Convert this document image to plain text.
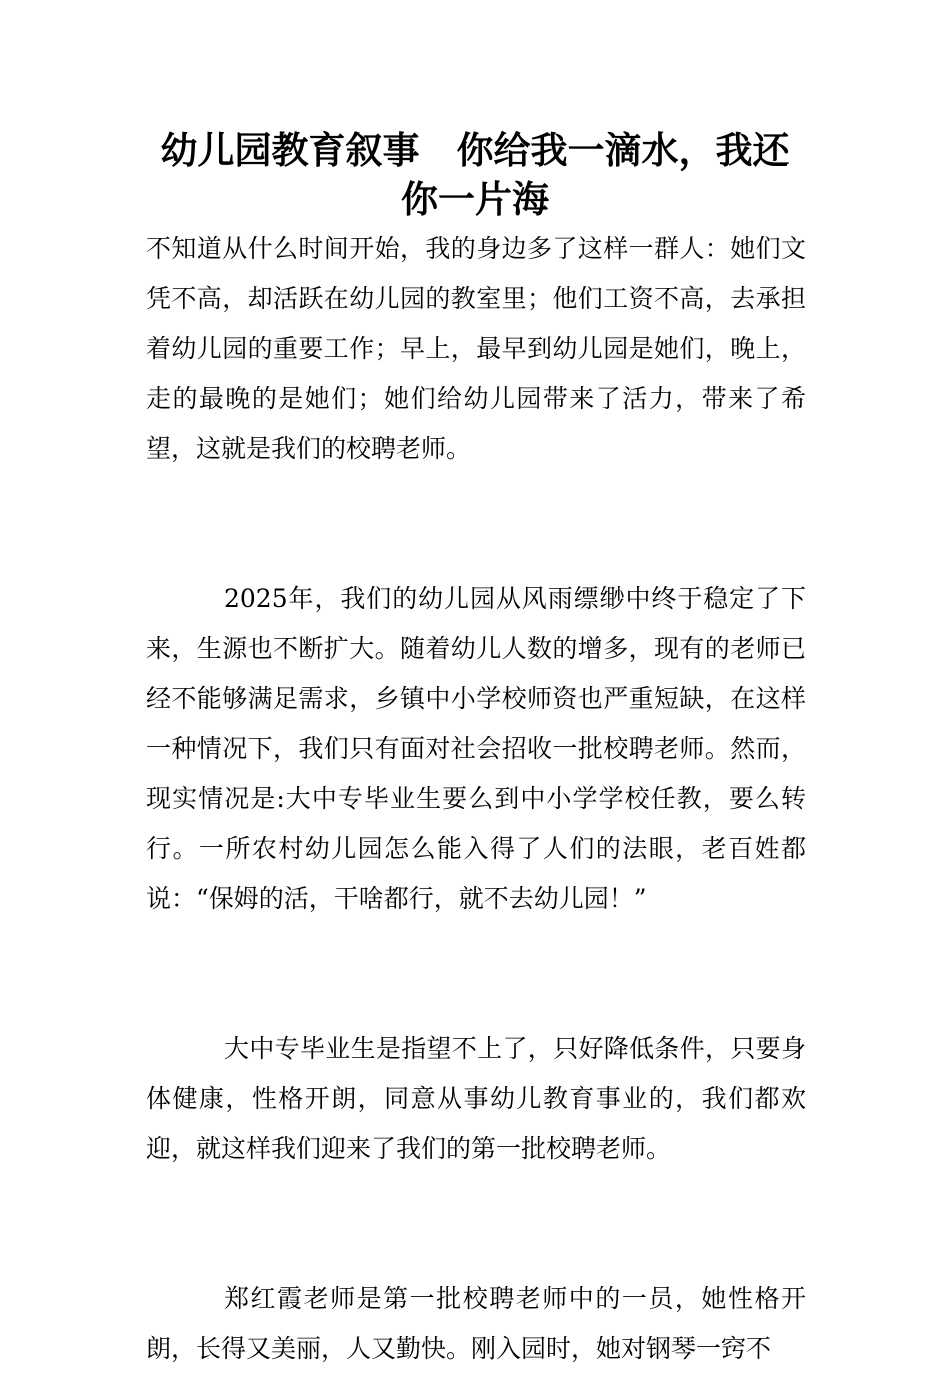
幼儿园教育叙事　你给我一滴水，我还你一片海

不知道从什么时间开始，我的身边多了这样一群人：她们文凭不高，却活跃在幼儿园的教室里；他们工资不高，去承担着幼儿园的重要工作；早上，最早到幼儿园是她们，晚上，走的最晚的是她们；她们给幼儿园带来了活力，带来了希望，这就是我们的校聘老师。

2025年，我们的幼儿园从风雨缥缈中终于稳定了下来，生源也不断扩大。随着幼儿人数的增多，现有的老师已经不能够满足需求，乡镇中小学校师资也严重短缺，在这样一种情况下，我们只有面对社会招收一批校聘老师。然而，现实情况是:大中专毕业生要么到中小学学校任教，要么转行。一所农村幼儿园怎么能入得了人们的法眼，老百姓都说：“保姆的活，干啥都行，就不去幼儿园！”

大中专毕业生是指望不上了，只好降低条件，只要身体健康，性格开朗，同意从事幼儿教育事业的，我们都欢迎，就这样我们迎来了我们的第一批校聘老师。

郑红霞老师是第一批校聘老师中的一员，她性格开朗，长得又美丽，人又勤快。刚入园时，她对钢琴一窍不
